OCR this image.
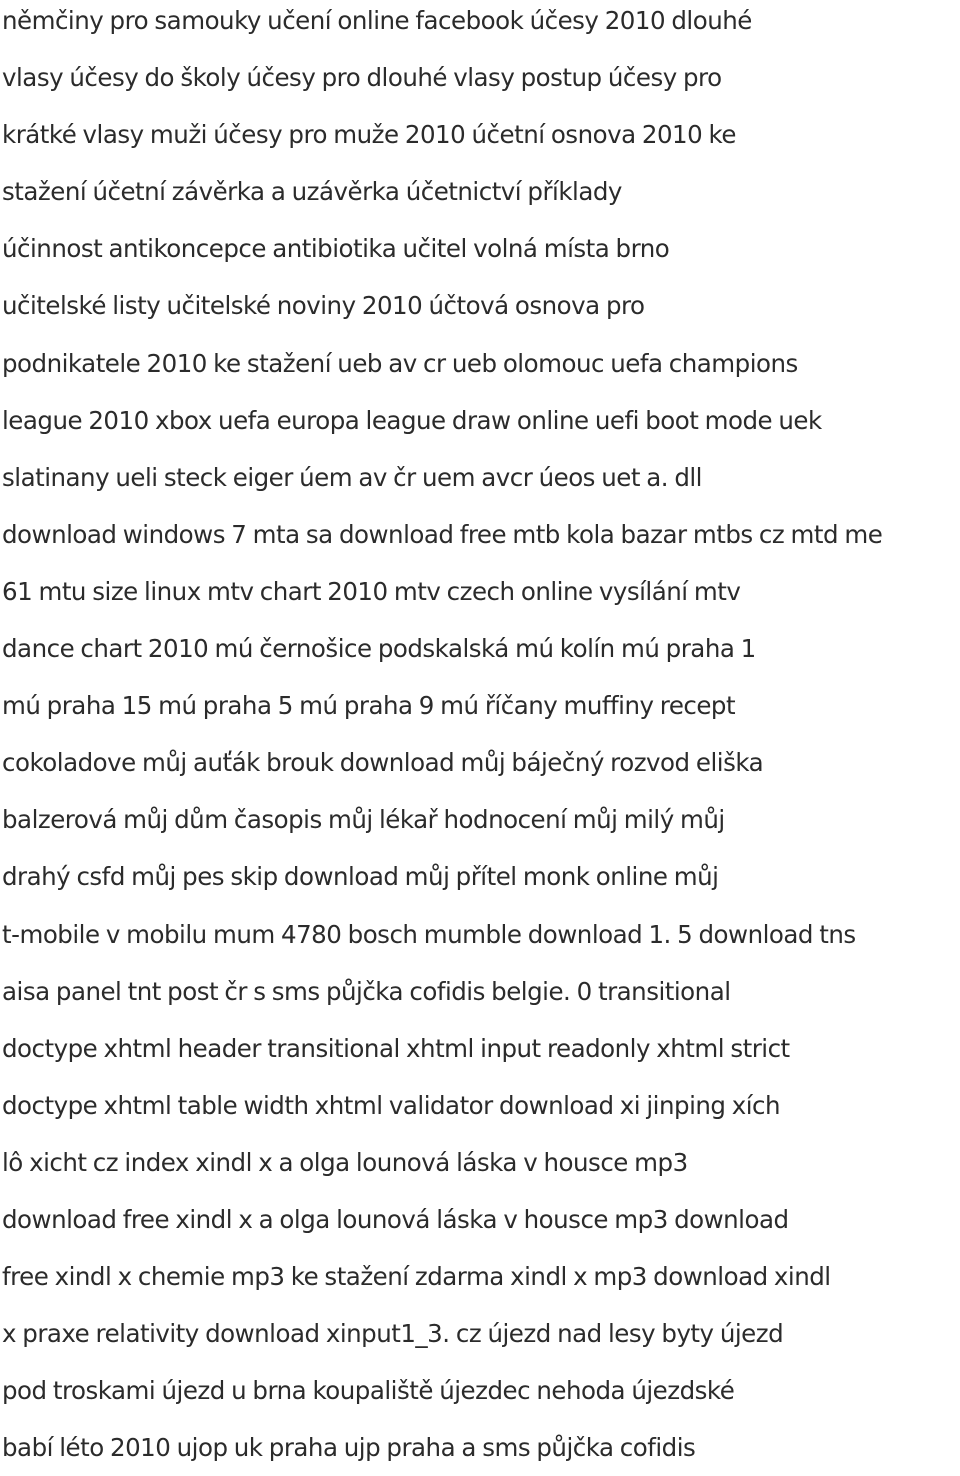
němčiny pro samouky učení online facebook účesy 2010 dlouhé
vlasy účesy do školy účesy pro dlouhé vlasy postup účesy pro
krátké vlasy muži účesy pro muže 2010 účetní osnova 2010 ke
stažení účetní závěrka a uzávěrka účetnictví příklady
účinnost antikoncepce antibiotika učitel volná místa brno
učitelské listy učitelské noviny 2010 účtová osnova pro
podnikatele 2010 ke stažení ueb av cr ueb olomouc uefa champions
league 2010 xbox uefa europa league draw online uefi boot mode uek
slatinany ueli steck eiger úem av čr uem avcr úeos uet a. dll
download windows 7 mta sa download free mtb kola bazar mtbs cz mtd me
61 mtu size linux mtv chart 2010 mtv czech online vysílání mtv
dance chart 2010 mú černošice podskalská mú kolín mú praha 1
mú praha 15 mú praha 5 mú praha 9 mú říčany muffiny recept
cokoladove můj auťák brouk download můj báječný rozvod eliška
balzerová můj dům časopis můj lékař hodnocení můj milý můj
drahý csfd můj pes skip download můj přítel monk online můj
t-mobile v mobilu mum 4780 bosch mumble download 1. 5 download tns
aisa panel tnt post čr s sms půjčka cofidis belgie. 0 transitional
doctype xhtml header transitional xhtml input readonly xhtml strict
doctype xhtml table width xhtml validator download xi jinping xích
lô xicht cz index xindl x a olga lounová láska v housce mp3
download free xindl x a olga lounová láska v housce mp3 download
free xindl x chemie mp3 ke stažení zdarma xindl x mp3 download xindl
x praxe relativity download xinput1_3. cz újezd nad lesy byty újezd
pod troskami újezd u brna koupaliště újezdec nehoda újezdské
babí léto 2010 ujop uk praha ujp praha a sms půjčka cofidis
